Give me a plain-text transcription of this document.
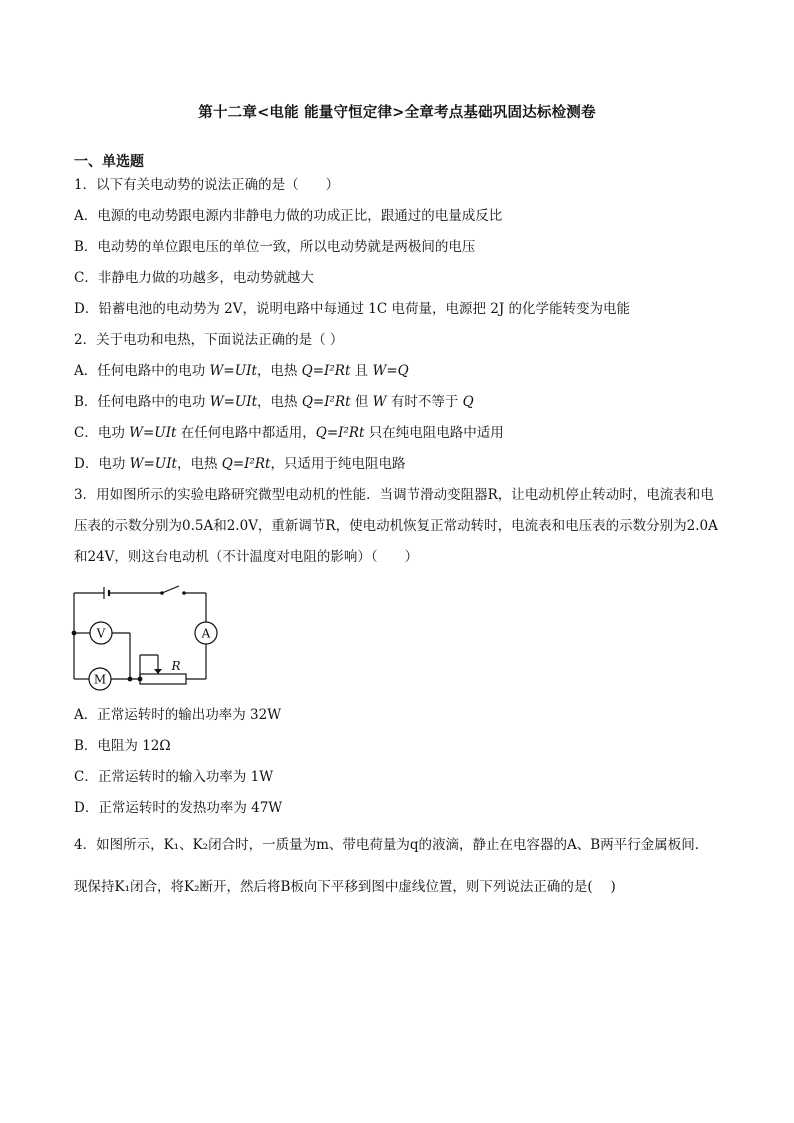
第十二章<电能 能量守恒定律>全章考点基础巩固达标检测卷
一、单选题
1．以下有关电动势的说法正确的是（　　）
A．电源的电动势跟电源内非静电力做的功成正比，跟通过的电量成反比
B．电动势的单位跟电压的单位一致，所以电动势就是两极间的电压
C．非静电力做的功越多，电动势就越大
D．铅蓄电池的电动势为 2V，说明电路中每通过 1C 电荷量，电源把 2J 的化学能转变为电能
2．关于电功和电热，下面说法正确的是（ ）
A．任何电路中的电功 W=UIt，电热 Q=I²Rt 且 W=Q
B．任何电路中的电功 W=UIt，电热 Q=I²Rt 但 W 有时不等于 Q
C．电功 W=UIt 在任何电路中都适用，Q=I²Rt 只在纯电阻电路中适用
D．电功 W=UIt，电热 Q=I²Rt，只适用于纯电阻电路
3．用如图所示的实验电路研究微型电动机的性能．当调节滑动变阻器R，让电动机停止转动时，电流表和电压表的示数分别为0.5A和2.0V，重新调节R，使电动机恢复正常动转时，电流表和电压表的示数分别为2.0A和24V，则这台电动机（不计温度对电阻的影响）（　　）
V	A
M
R
A．正常运转时的输出功率为 32W
B．电阻为 12Ω
C．正常运转时的输入功率为 1W
D．正常运转时的发热功率为 47W
4．如图所示，K₁、K₂闭合时，一质量为m、带电荷量为q的液滴，静止在电容器的A、B两平行金属板间．
现保持K₁闭合，将K₂断开，然后将B板向下平移到图中虚线位置，则下列说法正确的是(　 )
